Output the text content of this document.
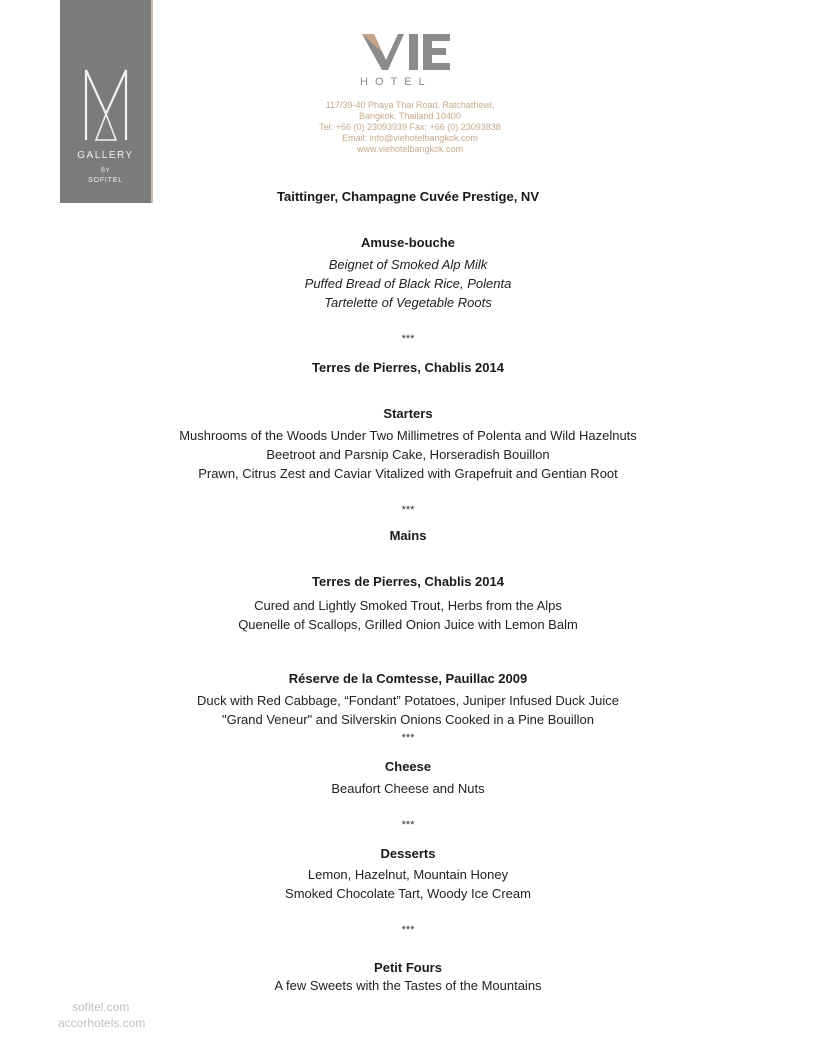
GALLERY
BY
SOFITEL
HOTEL
117/39-40 Phaya Thai Road, Ratchathewi,
Bangkok, Thailand 10400
Tel: +66 (0) 23093939 Fax: +66 (0) 23093838
Email: info@viehotelbangkok.com
www.viehotelbangkok.com
Taittinger, Champagne Cuvée Prestige, NV
Amuse-bouche
Beignet of Smoked Alp Milk
Puffed Bread of Black Rice, Polenta
Tartelette of Vegetable Roots
***
Terres de Pierres, Chablis 2014
Starters
Mushrooms of the Woods Under Two Millimetres of Polenta and Wild Hazelnuts
Beetroot and Parsnip Cake, Horseradish Bouillon
Prawn, Citrus Zest and Caviar Vitalized with Grapefruit and Gentian Root
***
Mains
Terres de Pierres, Chablis 2014
Cured and Lightly Smoked Trout, Herbs from the Alps
Quenelle of Scallops, Grilled Onion Juice with Lemon Balm
Réserve de la Comtesse, Pauillac 2009
Duck with Red Cabbage, “Fondant” Potatoes, Juniper Infused Duck Juice
"Grand Veneur" and Silverskin Onions Cooked in a Pine Bouillon
***
Cheese
Beaufort Cheese and Nuts
***
Desserts
Lemon, Hazelnut, Mountain Honey
Smoked Chocolate Tart, Woody Ice Cream
***
Petit Fours
A few Sweets with the Tastes of the Mountains
sofitel.com
accorhotels.com
